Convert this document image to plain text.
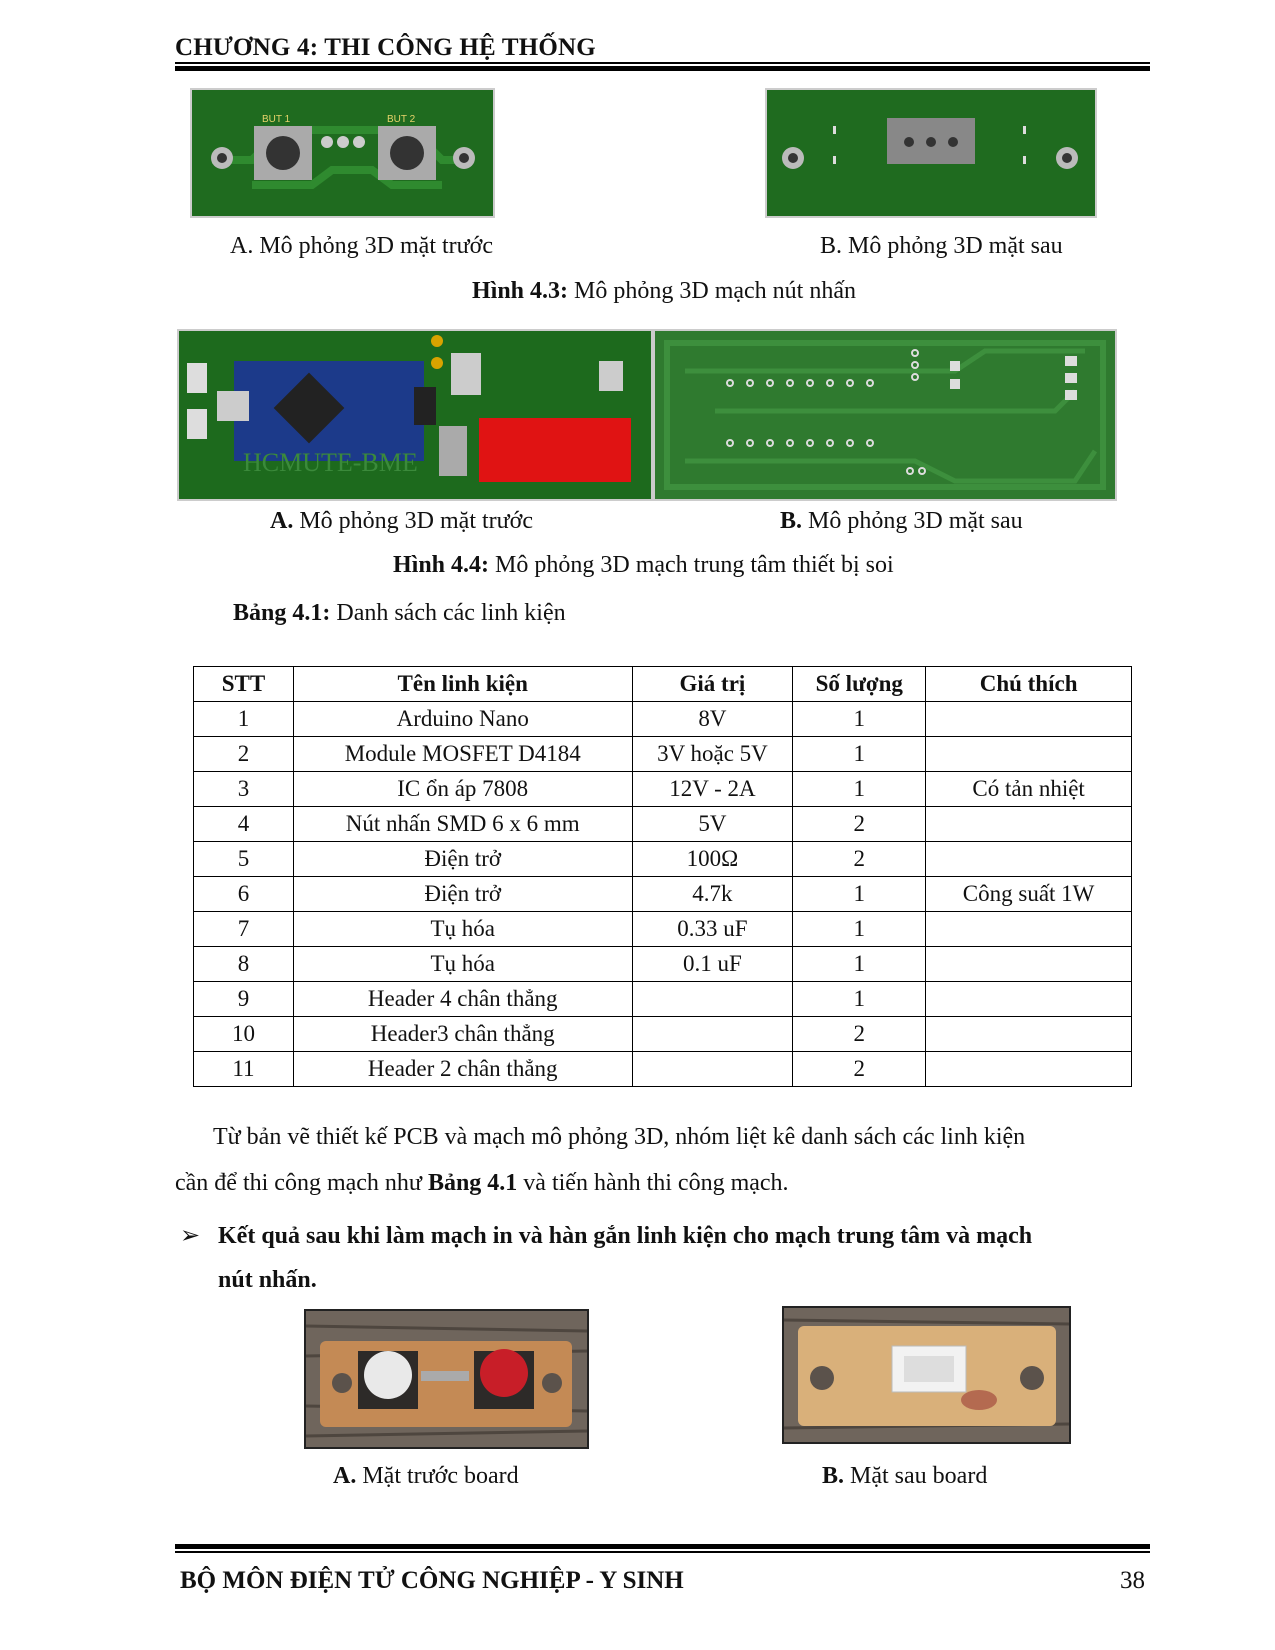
CHƯƠNG 4: THI CÔNG HỆ THỐNG
BUT 1	BUT 2
A. Mô phỏng 3D mặt trước	B. Mô phỏng 3D mặt sau
Hình 4.3: Mô phỏng 3D mạch nút nhấn
HCMUTE-BME
A. Mô phỏng 3D mặt trước	B. Mô phỏng 3D mặt sau
Hình 4.4: Mô phỏng 3D mạch trung tâm thiết bị soi
Bảng 4.1: Danh sách các linh kiện
STT	Tên linh kiện	Giá trị	Số lượng	Chú thích
1	Arduino Nano	8V	1	
2	Module MOSFET D4184	3V hoặc 5V	1	
3	IC ổn áp 7808	12V - 2A	1	Có tản nhiệt
4	Nút nhấn SMD 6 x 6 mm	5V	2	
5	Điện trở	100Ω	2	
6	Điện trở	4.7k	1	Công suất 1W
7	Tụ hóa	0.33 uF	1	
8	Tụ hóa	0.1 uF	1	
9	Header 4 chân thẳng		1	
10	Header3 chân thẳng		2	
11	Header 2 chân thẳng		2	
Từ bản vẽ thiết kế PCB và mạch mô phỏng 3D, nhóm liệt kê danh sách các linh kiện
cần để thi công mạch như Bảng 4.1 và tiến hành thi công mạch.
➢ Kết quả sau khi làm mạch in và hàn gắn linh kiện cho mạch trung tâm và mạch
nút nhấn.
A. Mặt trước board	B. Mặt sau board
BỘ MÔN ĐIỆN TỬ CÔNG NGHIỆP - Y SINH	38
